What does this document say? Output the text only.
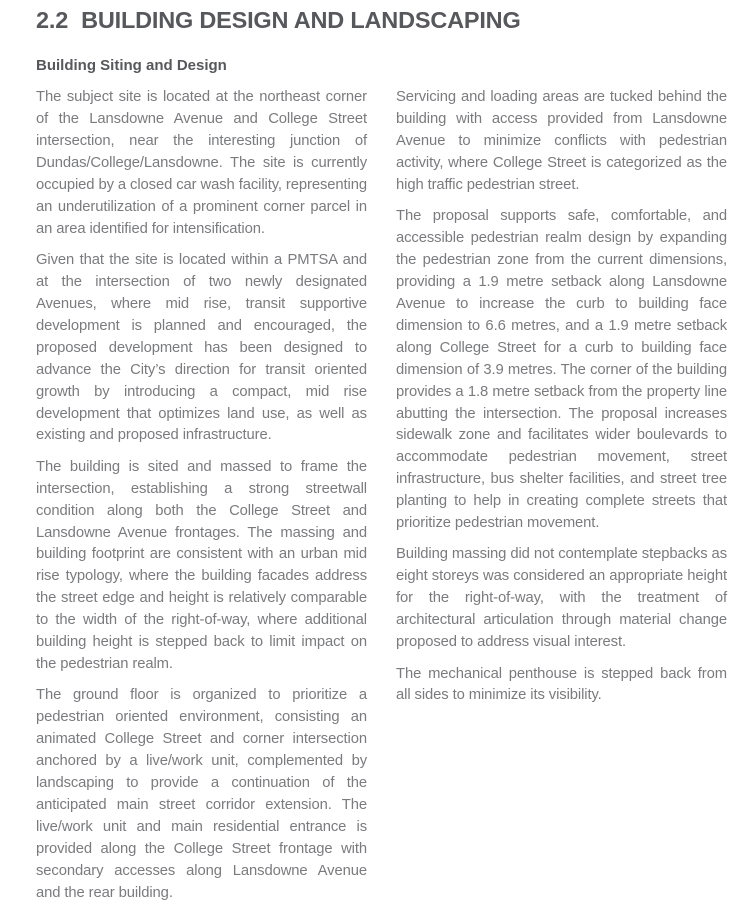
2.2 BUILDING DESIGN AND LANDSCAPING
Building Siting and Design

The subject site is located at the northeast corner of the Lansdowne Avenue and College Street intersection, near the interesting junction of Dundas/College/Lansdowne. The site is currently occupied by a closed car wash facility, representing an underutilization of a prominent corner parcel in an area identified for intensification.

Given that the site is located within a PMTSA and at the intersection of two newly designated Avenues, where mid rise, transit supportive development is planned and encouraged, the proposed development has been designed to advance the City’s direction for transit oriented growth by introducing a compact, mid rise development that optimizes land use, as well as existing and proposed infrastructure.

The building is sited and massed to frame the intersection, establishing a strong streetwall condition along both the College Street and Lansdowne Avenue frontages. The massing and building footprint are consistent with an urban mid rise typology, where the building facades address the street edge and height is relatively comparable to the width of the right-of-way, where additional building height is stepped back to limit impact on the pedestrian realm.

The ground floor is organized to prioritize a pedestrian oriented environment, consisting an animated College Street and corner intersection anchored by a live/work unit, complemented by landscaping to provide a continuation of the anticipated main street corridor extension. The live/work unit and main residential entrance is provided along the College Street frontage with secondary accesses along Lansdowne Avenue and the rear building.

Servicing and loading areas are tucked behind the building with access provided from Lansdowne Avenue to minimize conflicts with pedestrian activity, where College Street is categorized as the high traffic pedestrian street.

The proposal supports safe, comfortable, and accessible pedestrian realm design by expanding the pedestrian zone from the current dimensions, providing a 1.9 metre setback along Lansdowne Avenue to increase the curb to building face dimension to 6.6 metres, and a 1.9 metre setback along College Street for a curb to building face dimension of 3.9 metres. The corner of the building provides a 1.8 metre setback from the property line abutting the intersection. The proposal increases sidewalk zone and facilitates wider boulevards to accommodate pedestrian movement, street infrastructure, bus shelter facilities, and street tree planting to help in creating complete streets that prioritize pedestrian movement.

Building massing did not contemplate stepbacks as eight storeys was considered an appropriate height for the right-of-way, with the treatment of architectural articulation through material change proposed to address visual interest.

The mechanical penthouse is stepped back from all sides to minimize its visibility.
